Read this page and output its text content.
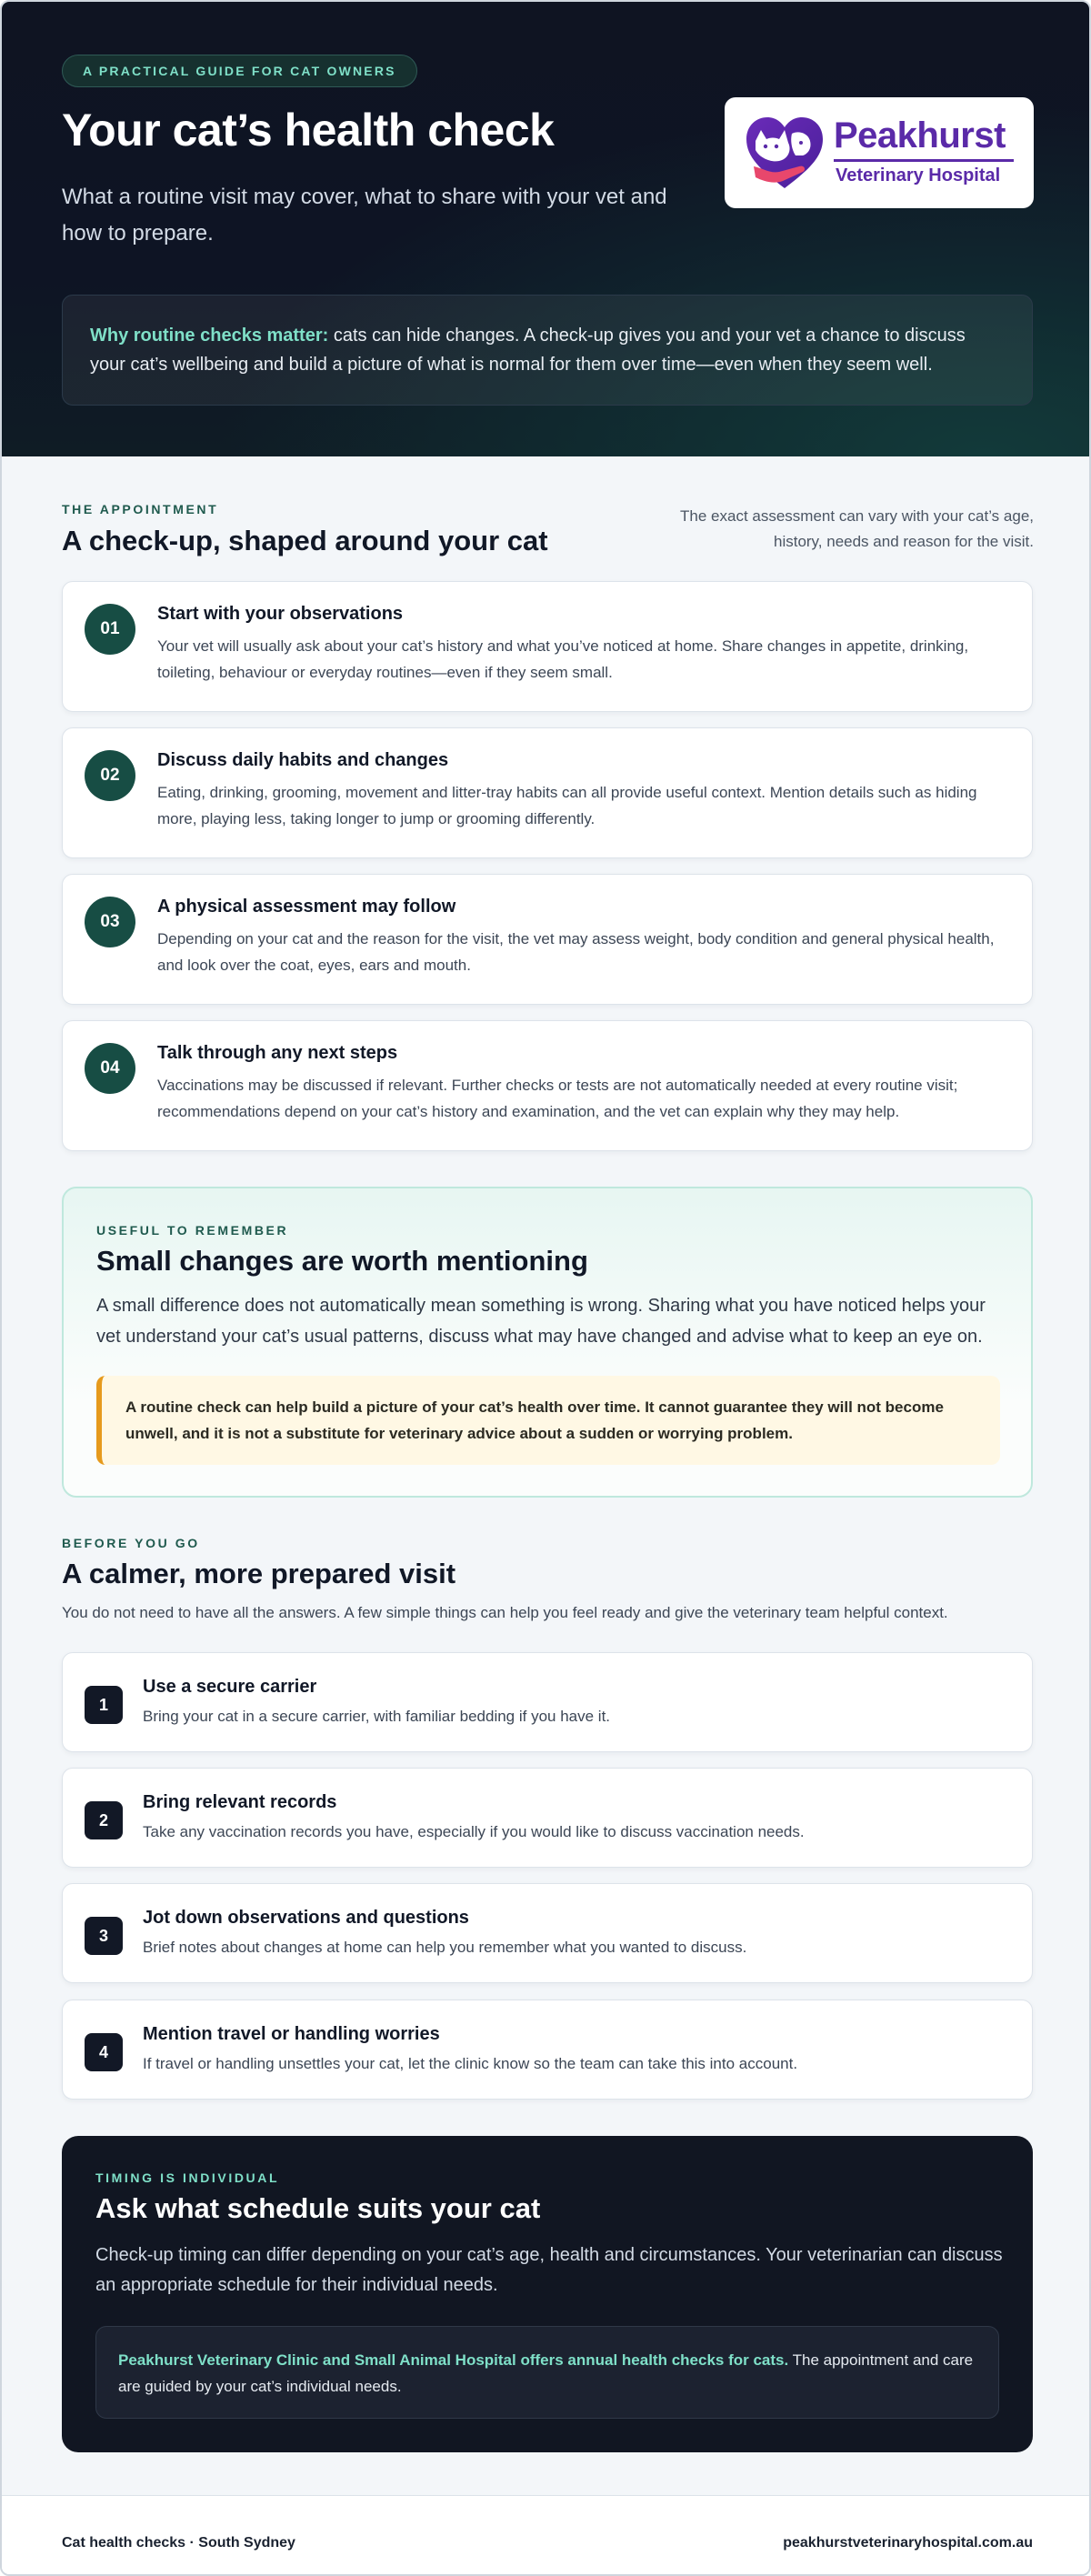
A PRACTICAL GUIDE FOR CAT OWNERS
Your cat’s health check

What a routine visit may cover, what to share with your vet and how to prepare.

Peakhurst
Veterinary Hospital
Why routine checks matter: cats can hide changes. A check-up gives you and your vet a chance to discuss your cat’s wellbeing and build a picture of what is normal for them over time—even when they seem well.
THE APPOINTMENT
A check-up, shaped around your cat

The exact assessment can vary with your cat’s age, history, needs and reason for the visit.

01
Start with your observations
Your vet will usually ask about your cat’s history and what you’ve noticed at home. Share changes in appetite, drinking, toileting, behaviour or everyday routines—even if they seem small.
02
Discuss daily habits and changes
Eating, drinking, grooming, movement and litter-tray habits can all provide useful context. Mention details such as hiding more, playing less, taking longer to jump or grooming differently.
03
A physical assessment may follow
Depending on your cat and the reason for the visit, the vet may assess weight, body condition and general physical health, and look over the coat, eyes, ears and mouth.
04
Talk through any next steps
Vaccinations may be discussed if relevant. Further checks or tests are not automatically needed at every routine visit; recommendations depend on your cat’s history and examination, and the vet can explain why they may help.
USEFUL TO REMEMBER
Small changes are worth mentioning

A small difference does not automatically mean something is wrong. Sharing what you have noticed helps your vet understand your cat’s usual patterns, discuss what may have changed and advise what to keep an eye on.

A routine check can help build a picture of your cat’s health over time. It cannot guarantee they will not become unwell, and it is not a substitute for veterinary advice about a sudden or worrying problem.
BEFORE YOU GO
A calmer, more prepared visit

You do not need to have all the answers. A few simple things can help you feel ready and give the veterinary team helpful context.

1
Use a secure carrier
Bring your cat in a secure carrier, with familiar bedding if you have it.
2
Bring relevant records
Take any vaccination records you have, especially if you would like to discuss vaccination needs.
3
Jot down observations and questions
Brief notes about changes at home can help you remember what you wanted to discuss.
4
Mention travel or handling worries
If travel or handling unsettles your cat, let the clinic know so the team can take this into account.
TIMING IS INDIVIDUAL
Ask what schedule suits your cat

Check-up timing can differ depending on your cat’s age, health and circumstances. Your veterinarian can discuss an appropriate schedule for their individual needs.

Peakhurst Veterinary Clinic and Small Animal Hospital offers annual health checks for cats. The appointment and care are guided by your cat’s individual needs.
Cat health checks · South Sydney	peakhurstveterinaryhospital.com.au
